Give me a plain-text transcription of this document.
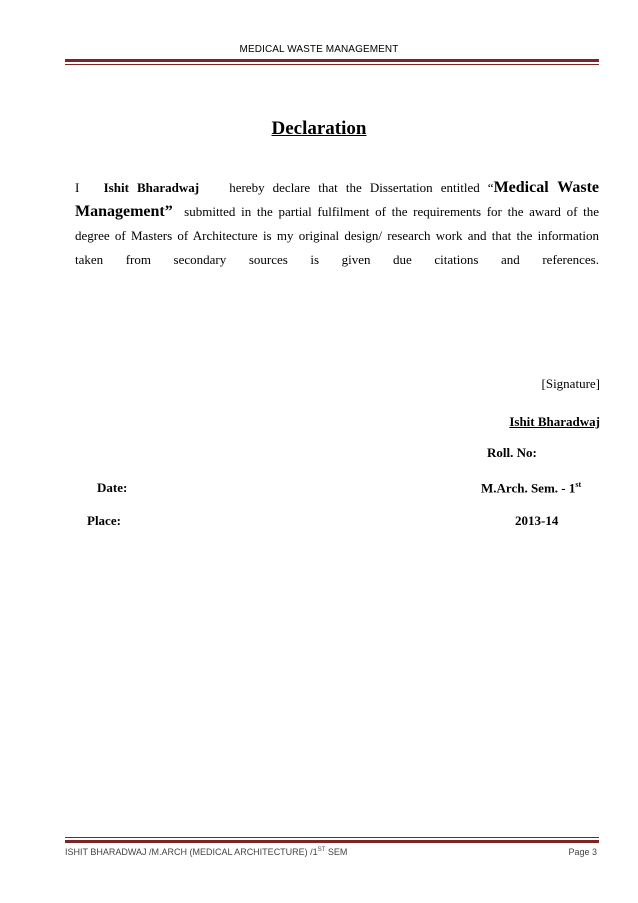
MEDICAL WASTE MANAGEMENT
Declaration
I Ishit Bharadwaj hereby declare that the Dissertation entitled “Medical Waste Management” submitted in the partial fulfilment of the requirements for the award of the degree of Masters of Architecture is my original design/ research work and that the information taken from secondary sources is given due citations and references.
[Signature]
Ishit Bharadwaj
Roll. No:
Date:	M.Arch. Sem. - 1st
Place:	2013-14
ISHIT BHARADWAJ /M.ARCH (MEDICAL ARCHITECTURE) /1ST SEM	Page 3
